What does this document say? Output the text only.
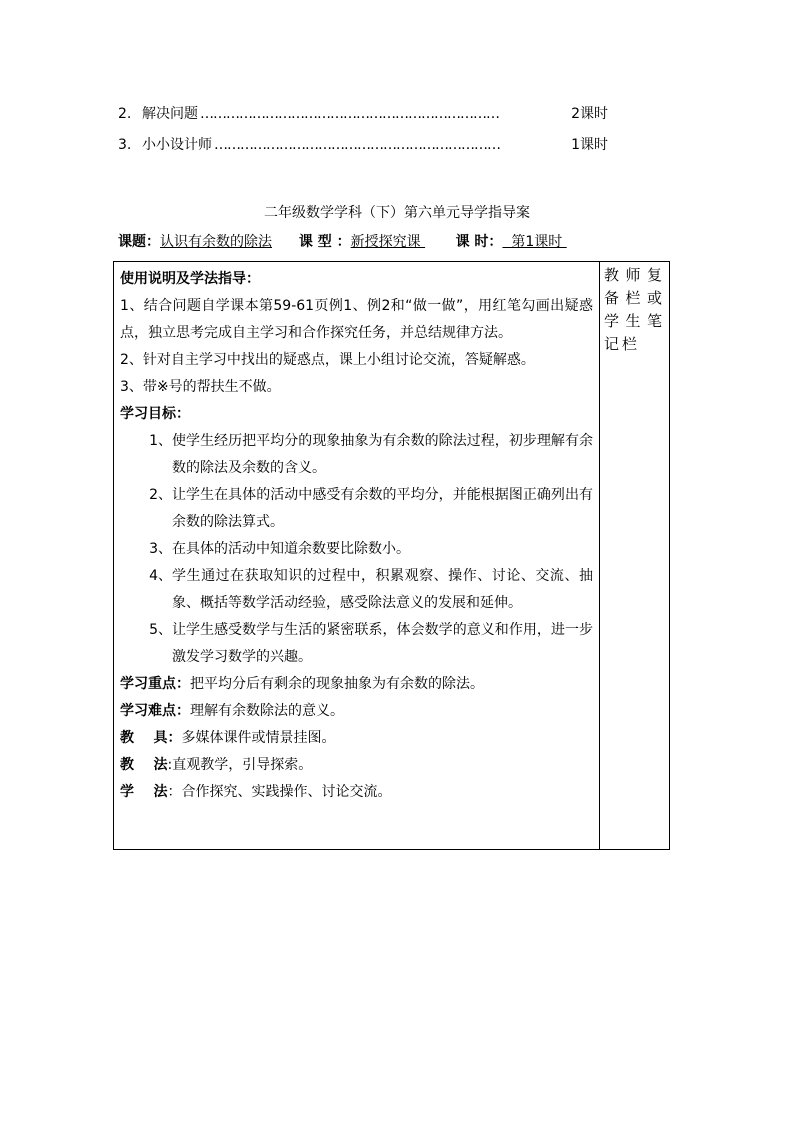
2. 解决问题 ……………………………………………………………	2课时
3. 小小设计师 …………………………………………………………	1课时
二年级数学学科（下）第六单元导学指导案
课题：认识有余数的除法 课 型 ：新授探究课  课 时：  第1课时

使用说明及学法指导：

1、结合问题自学课本第59-61页例1、例2和“做一做”，用红笔勾画出疑惑点，独立思考完成自主学习和合作探究任务，并总结规律方法。

2、针对自主学习中找出的疑惑点，课上小组讨论交流，答疑解惑。

3、带※号的帮扶生不做。

学习目标：

1、 使学生经历把平均分的现象抽象为有余数的除法过程，初步理解有余数的除法及余数的含义。
2、 让学生在具体的活动中感受有余数的平均分，并能根据图正确列出有余数的除法算式。
3、 在具体的活动中知道余数要比除数小。
4、 学生通过在获取知识的过程中，积累观察、操作、讨论、交流、抽象、概括等数学活动经验，感受除法意义的发展和延伸。
5、 让学生感受数学与生活的紧密联系，体会数学的意义和作用，进一步激发学习数学的兴趣。
学习重点： 把平均分后有剩余的现象抽象为有余数的除法。
学习难点： 理解有余数除法的意义。
教    具： 多媒体课件或情景挂图。
教    法 :直观教学，引导探索。
学    法 ：合作探究、实践操作、讨论交流。
教师复备栏或学生笔记栏
